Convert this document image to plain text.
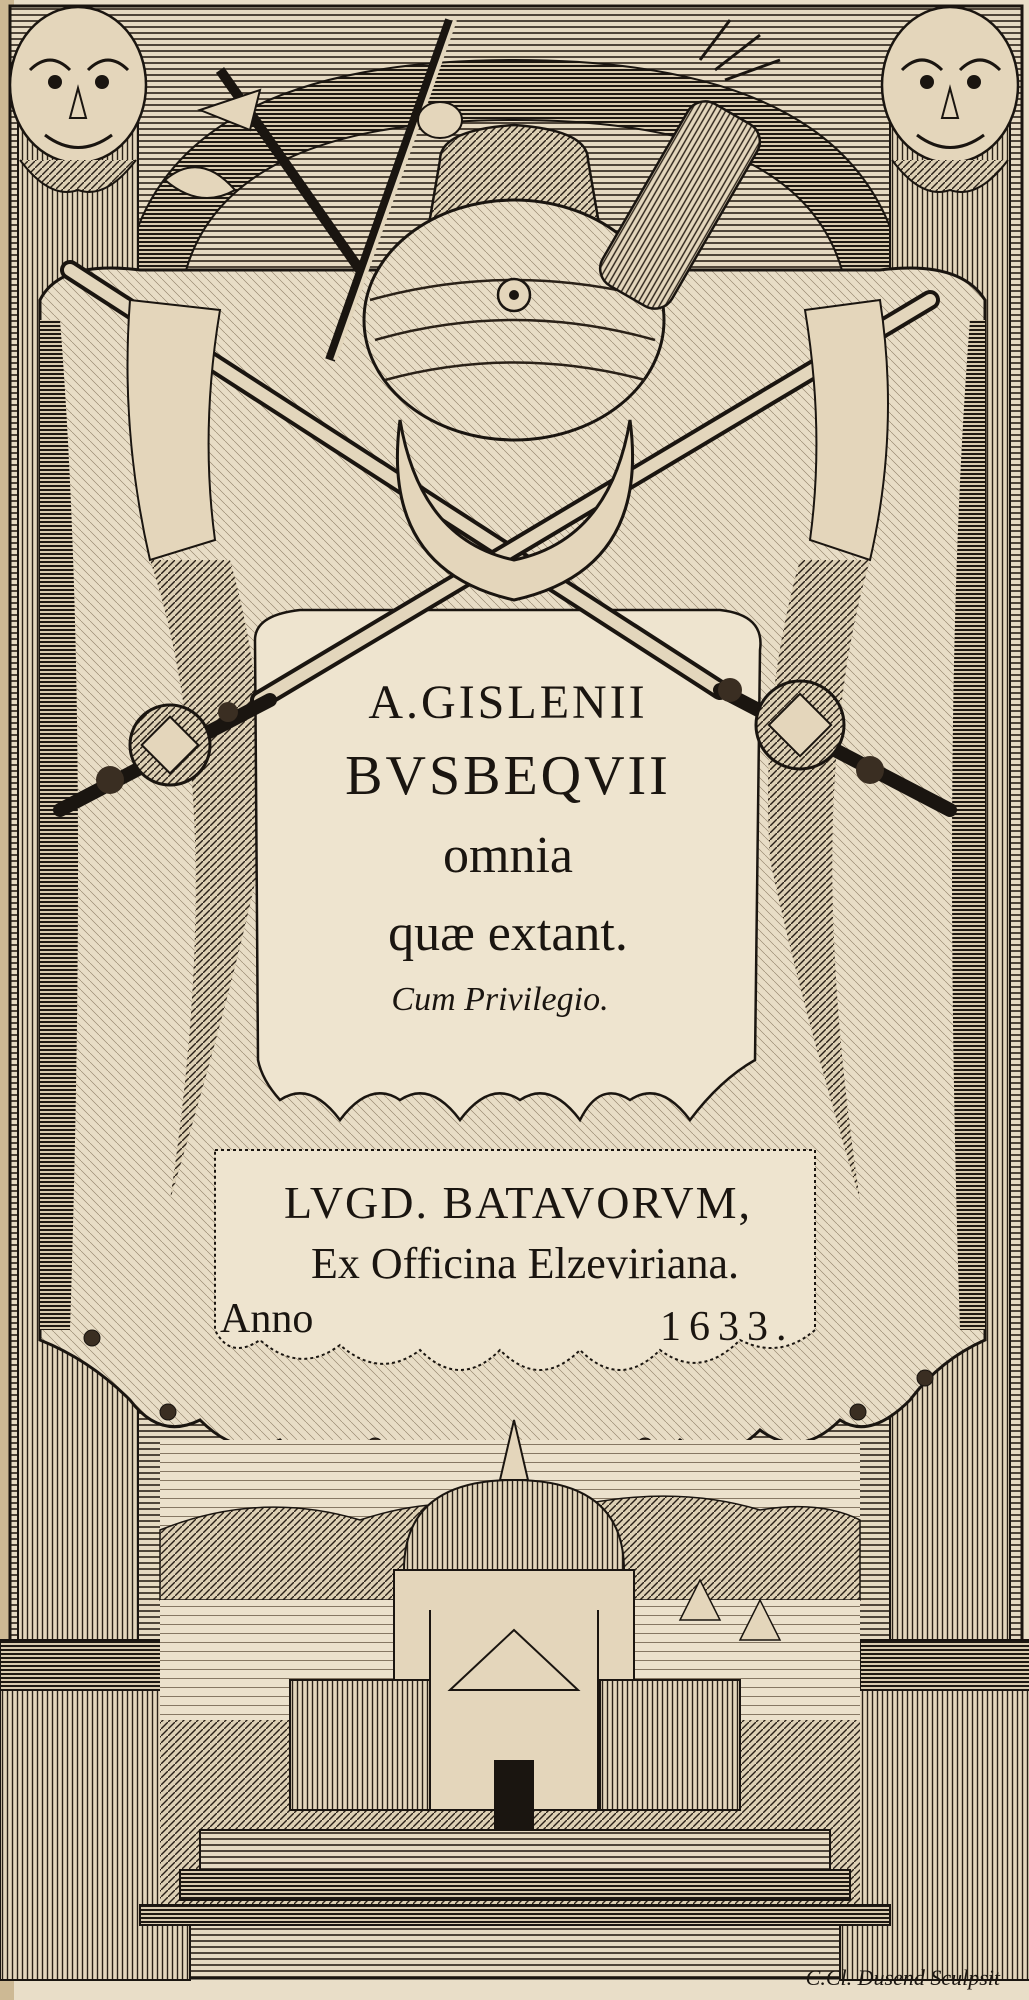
A.GISLENII
BVSBEQVII
omnia
quæ extant.
Cum Privilegio.
LVGD. BATAVORVM,
Ex Officina Elzeviriana.
Anno	1633.
C.Cl. Dusend Sculpsit
